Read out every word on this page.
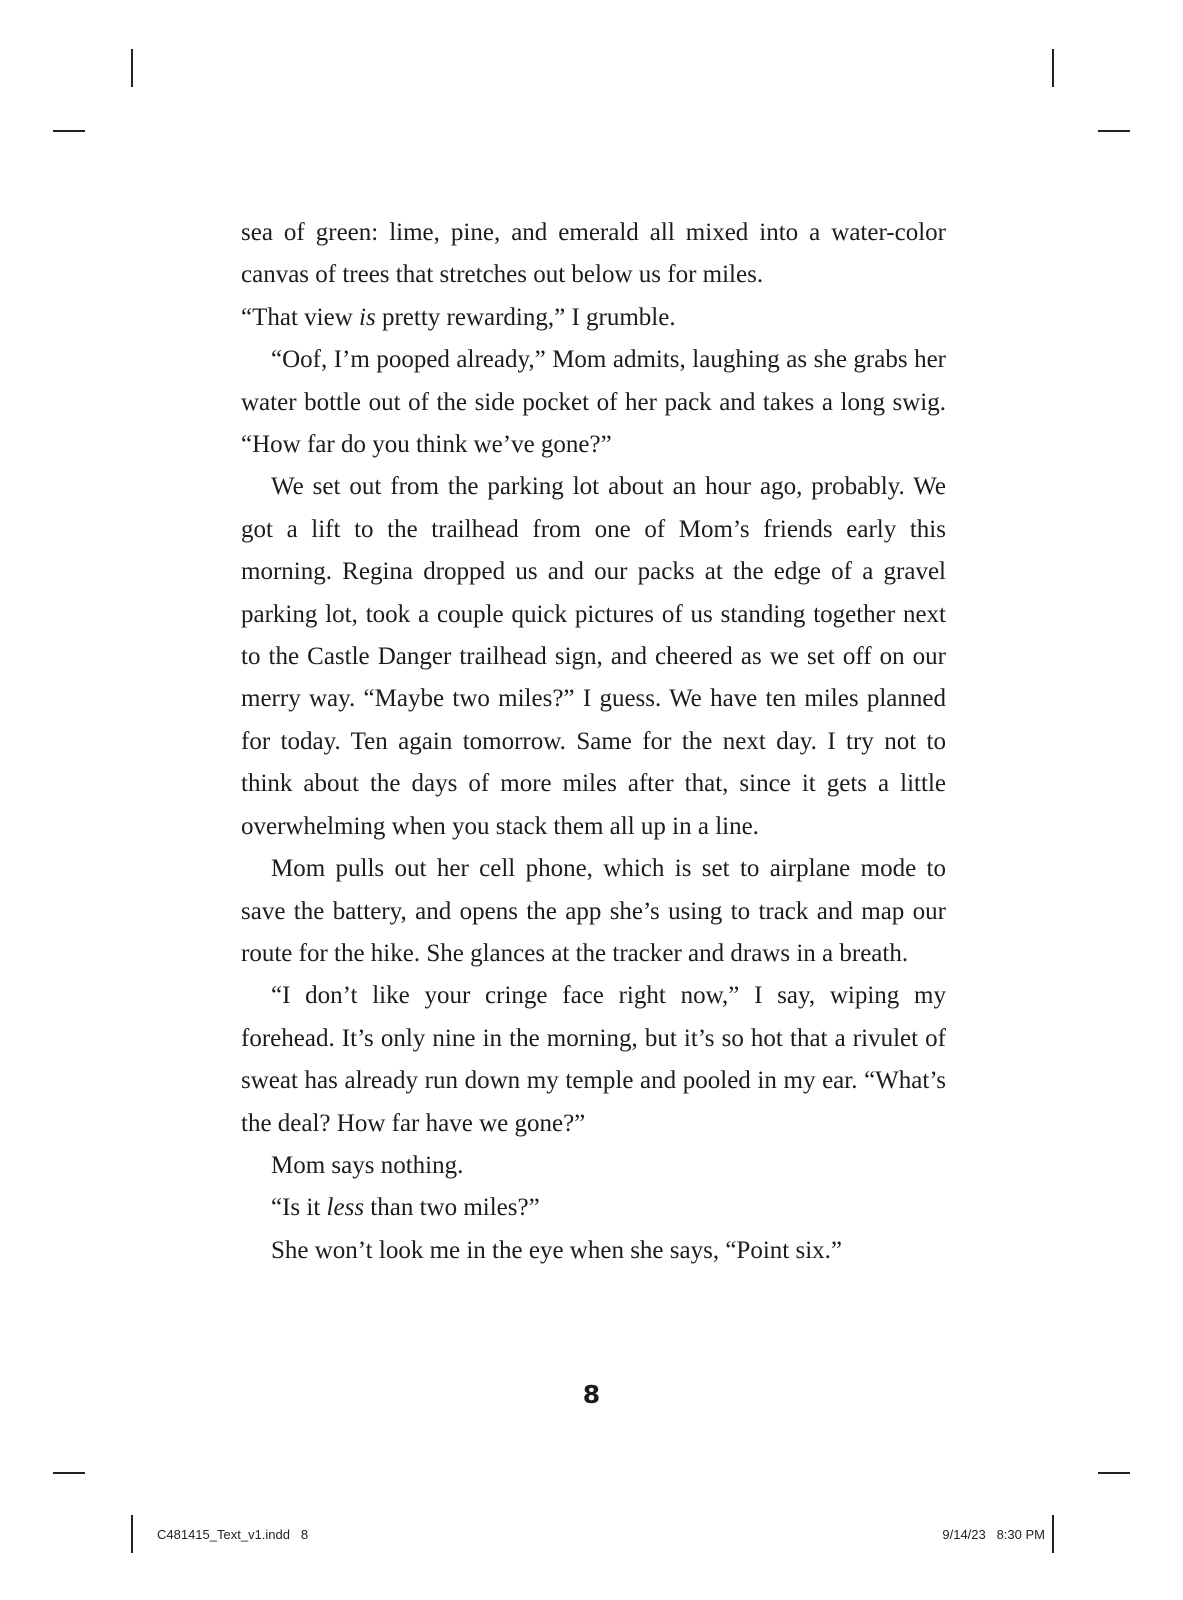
sea of green: lime, pine, and emerald all mixed into a water-color canvas of trees that stretches out below us for miles.

“That view is pretty rewarding,” I grumble.

“Oof, I’m pooped already,” Mom admits, laughing as she grabs her water bottle out of the side pocket of her pack and takes a long swig. “How far do you think we’ve gone?”

We set out from the parking lot about an hour ago, probably. We got a lift to the trailhead from one of Mom’s friends early this morning. Regina dropped us and our packs at the edge of a gravel parking lot, took a couple quick pictures of us standing together next to the Castle Danger trailhead sign, and cheered as we set off on our merry way. “Maybe two miles?” I guess. We have ten miles planned for today. Ten again tomorrow. Same for the next day. I try not to think about the days of more miles after that, since it gets a little overwhelming when you stack them all up in a line.

Mom pulls out her cell phone, which is set to airplane mode to save the battery, and opens the app she’s using to track and map our route for the hike. She glances at the tracker and draws in a breath.

“I don’t like your cringe face right now,” I say, wiping my forehead. It’s only nine in the morning, but it’s so hot that a rivulet of sweat has already run down my temple and pooled in my ear. “What’s the deal? How far have we gone?”

Mom says nothing.

“Is it less than two miles?”

She won’t look me in the eye when she says, “Point six.”

8
C481415_Text_v1.indd   8	9/14/23   8:30 PM
